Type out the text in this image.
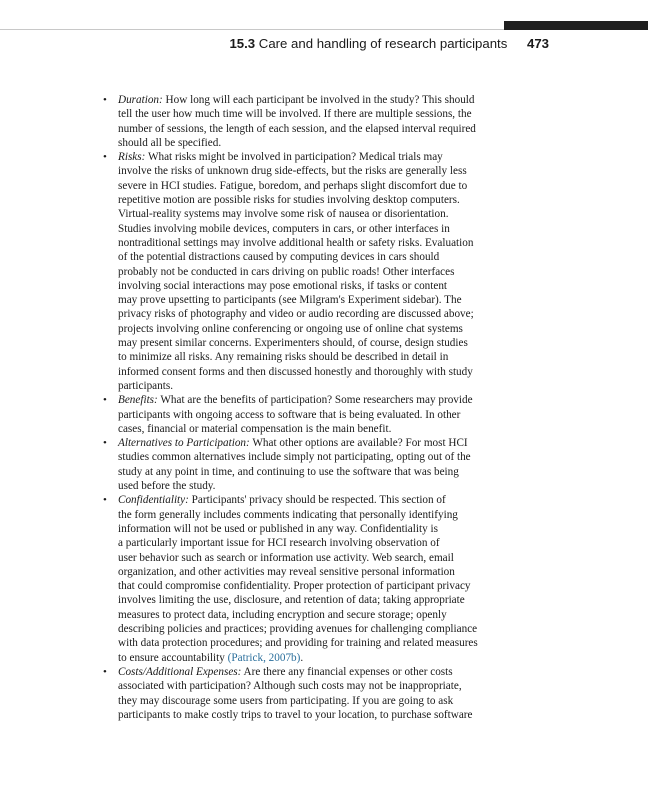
15.3 Care and handling of research participants 473
• Duration: How long will each participant be involved in the study? This should
tell the user how much time will be involved. If there are multiple sessions, the
number of sessions, the length of each session, and the elapsed interval required
should all be specified.
• Risks: What risks might be involved in participation? Medical trials may
involve the risks of unknown drug side-effects, but the risks are generally less
severe in HCI studies. Fatigue, boredom, and perhaps slight discomfort due to
repetitive motion are possible risks for studies involving desktop computers.
Virtual-reality systems may involve some risk of nausea or disorientation.
Studies involving mobile devices, computers in cars, or other interfaces in
nontraditional settings may involve additional health or safety risks. Evaluation
of the potential distractions caused by computing devices in cars should
probably not be conducted in cars driving on public roads! Other interfaces
involving social interactions may pose emotional risks, if tasks or content
may prove upsetting to participants (see Milgram's Experiment sidebar). The
privacy risks of photography and video or audio recording are discussed above;
projects involving online conferencing or ongoing use of online chat systems
may present similar concerns. Experimenters should, of course, design studies
to minimize all risks. Any remaining risks should be described in detail in
informed consent forms and then discussed honestly and thoroughly with study
participants.
• Benefits: What are the benefits of participation? Some researchers may provide
participants with ongoing access to software that is being evaluated. In other
cases, financial or material compensation is the main benefit.
• Alternatives to Participation: What other options are available? For most HCI
studies common alternatives include simply not participating, opting out of the
study at any point in time, and continuing to use the software that was being
used before the study.
• Confidentiality: Participants' privacy should be respected. This section of
the form generally includes comments indicating that personally identifying
information will not be used or published in any way. Confidentiality is
a particularly important issue for HCI research involving observation of
user behavior such as search or information use activity. Web search, email
organization, and other activities may reveal sensitive personal information
that could compromise confidentiality. Proper protection of participant privacy
involves limiting the use, disclosure, and retention of data; taking appropriate
measures to protect data, including encryption and secure storage; openly
describing policies and practices; providing avenues for challenging compliance
with data protection procedures; and providing for training and related measures
to ensure accountability (Patrick, 2007b).
• Costs/Additional Expenses: Are there any financial expenses or other costs
associated with participation? Although such costs may not be inappropriate,
they may discourage some users from participating. If you are going to ask
participants to make costly trips to travel to your location, to purchase software
